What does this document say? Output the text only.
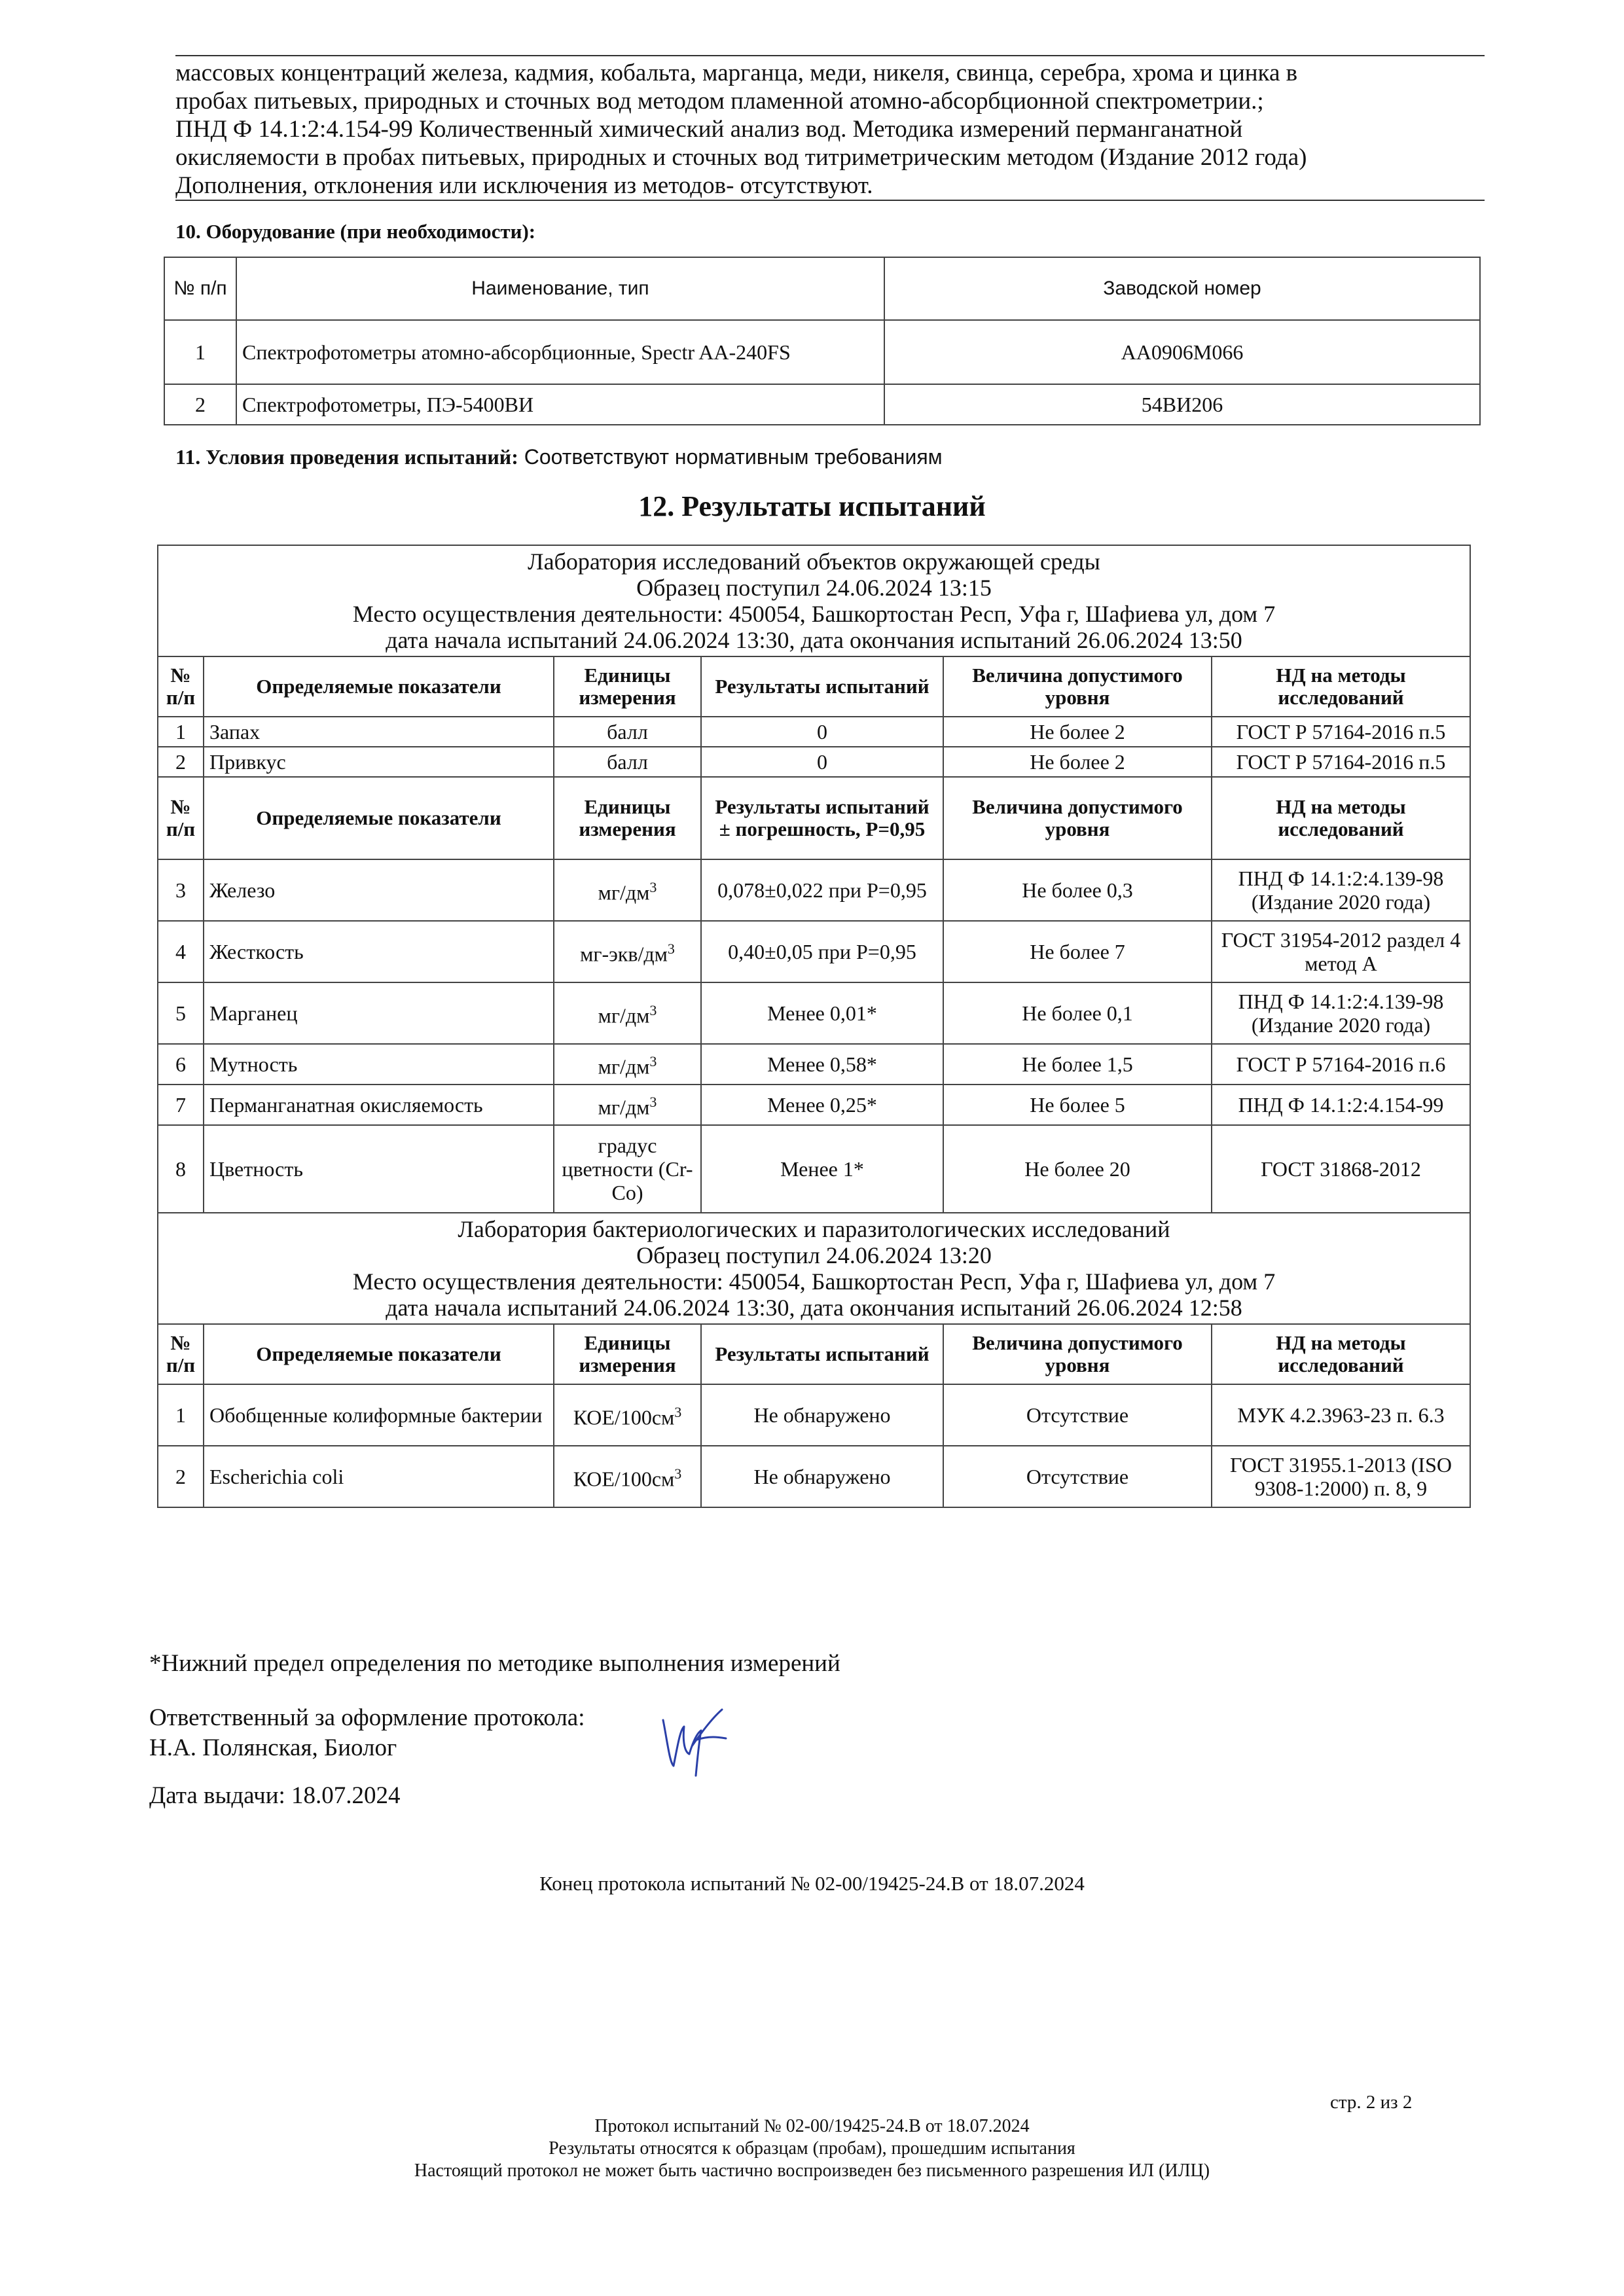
массовых концентраций железа, кадмия, кобальта, марганца, меди, никеля, свинца, серебра, хрома и цинка в

пробах питьевых, природных и сточных вод методом пламенной атомно-абсорбционной спектрометрии.;

ПНД Ф 14.1:2:4.154-99 Количественный химический анализ вод. Методика измерений перманганатной

окисляемости в пробах питьевых, природных и сточных вод титриметрическим методом (Издание 2012 года)

Дополнения, отклонения или исключения из методов- отсутствуют.

10. Оборудование (при необходимости):
№ п/п	Наименование, тип	Заводской номер
1	Спектрофотометры атомно-абсорбционные, Spectr AA-240FS	AA0906M066
2	Спектрофотометры, ПЭ-5400ВИ	54ВИ206
11. Условия проведения испытаний: Соответствуют нормативным требованиям
12. Результаты испытаний
Лаборатория исследований объектов окружающей среды
Образец поступил 24.06.2024 13:15
Место осуществления деятельности: 450054, Башкортостан Респ, Уфа г, Шафиева ул, дом 7
дата начала испытаний 24.06.2024 13:30, дата окончания испытаний 26.06.2024 13:50					

№ п/п	Определяемые показатели	Единицы измерения	Результаты испытаний	Величина допустимого уровня	НД на методы исследований
1	Запах	балл	0	Не более 2	ГОСТ Р 57164-2016 п.5
2	Привкус	балл	0	Не более 2	ГОСТ Р 57164-2016 п.5
№ п/п	Определяемые показатели	Единицы измерения	Результаты испытаний ± погрешность, P=0,95	Величина допустимого уровня	НД на методы исследований
3	Железо	$мг/дм^3$	0,078±0,022 при P=0,95	Не более 0,3	ПНД Ф 14.1:2:4.139-98 (Издание 2020 года)
4	Жесткость	$мг-экв/дм^3$	0,40±0,05 при P=0,95	Не более 7	ГОСТ 31954-2012 раздел 4 метод А
5	Марганец	$мг/дм^3$	Менее 0,01*	Не более 0,1	ПНД Ф 14.1:2:4.139-98 (Издание 2020 года)
6	Мутность	$мг/дм^3$	Менее 0,58*	Не более 1,5	ГОСТ Р 57164-2016 п.6
7	Перманганатная окисляемость	$мг/дм^3$	Менее 0,25*	Не более 5	ПНД Ф 14.1:2:4.154-99
8	Цветность	градус цветности (Cr-Co)	Менее 1*	Не более 20	ГОСТ 31868-2012

Лаборатория бактериологических и паразитологических исследований
Образец поступил 24.06.2024 13:20
Место осуществления деятельности: 450054, Башкортостан Респ, Уфа г, Шафиева ул, дом 7
дата начала испытаний 24.06.2024 13:30, дата окончания испытаний 26.06.2024 12:58					

№ п/п	Определяемые показатели	Единицы измерения	Результаты испытаний	Величина допустимого уровня	НД на методы исследований
1	Обобщенные колиформные бактерии	КОЕ/$100см^3$	Не обнаружено	Отсутствие	МУК 4.2.3963-23 п. 6.3
2	Escherichia coli	КОЕ/$100см^3$	Не обнаружено	Отсутствие	ГОСТ 31955.1-2013 (ISO 9308-1:2000) п. 8, 9
*Нижний предел определения по методике выполнения измерений
Ответственный за оформление протокола:
Н.А. Полянская, Биолог
Дата выдачи: 18.07.2024
Конец протокола испытаний № 02-00/19425-24.В от 18.07.2024
стр. 2 из 2
Протокол испытаний № 02-00/19425-24.В от 18.07.2024
Результаты относятся к образцам (пробам), прошедшим испытания
Настоящий протокол не может быть частично воспроизведен без письменного разрешения ИЛ (ИЛЦ)
